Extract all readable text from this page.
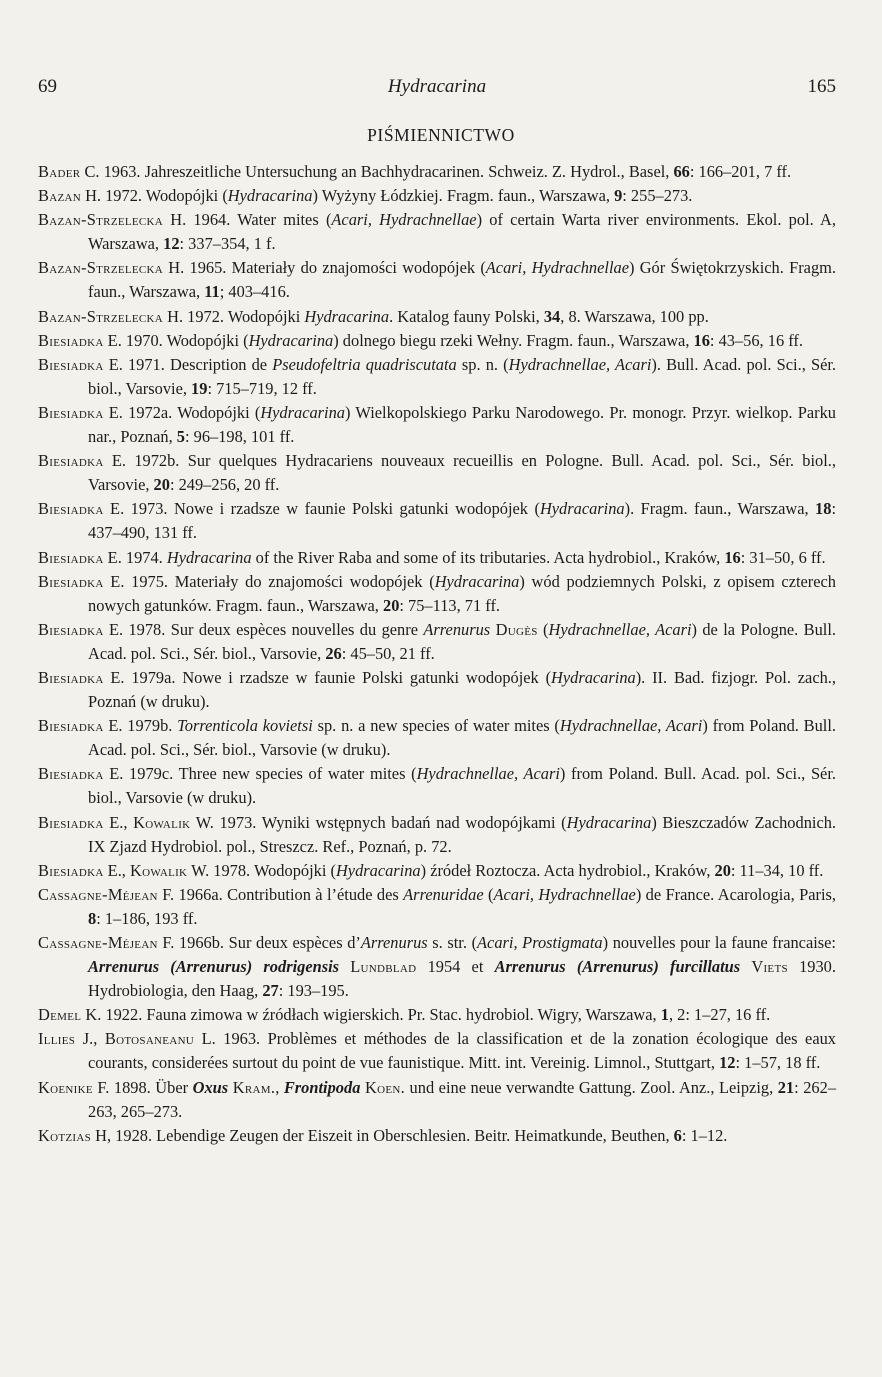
69	Hydracarina	165
PIŚMIENNICTWO

Bader C. 1963. Jahreszeitliche Untersuchung an Bachhydracarinen. Schweiz. Z. Hydrol., Basel, 66: 166–201, 7 ff.

Bazan H. 1972. Wodopójki (Hydracarina) Wyżyny Łódzkiej. Fragm. faun., Warszawa, 9: 255–273.

Bazan-Strzelecka H. 1964. Water mites (Acari, Hydrachnellae) of certain Warta river environments. Ekol. pol. A, Warszawa, 12: 337–354, 1 f.

Bazan-Strzelecka H. 1965. Materiały do znajomości wodopójek (Acari, Hydrachnellae) Gór Świętokrzyskich. Fragm. faun., Warszawa, 11; 403–416.

Bazan-Strzelecka H. 1972. Wodopójki Hydracarina. Katalog fauny Polski, 34, 8. Warszawa, 100 pp.

Biesiadka E. 1970. Wodopójki (Hydracarina) dolnego biegu rzeki Wełny. Fragm. faun., Warszawa, 16: 43–56, 16 ff.

Biesiadka E. 1971. Description de Pseudofeltria quadriscutata sp. n. (Hydrachnellae, Acari). Bull. Acad. pol. Sci., Sér. biol., Varsovie, 19: 715–719, 12 ff.

Biesiadka E. 1972a. Wodopójki (Hydracarina) Wielkopolskiego Parku Narodowego. Pr. monogr. Przyr. wielkop. Parku nar., Poznań, 5: 96–198, 101 ff.

Biesiadka E. 1972b. Sur quelques Hydracariens nouveaux recueillis en Pologne. Bull. Acad. pol. Sci., Sér. biol., Varsovie, 20: 249–256, 20 ff.

Biesiadka E. 1973. Nowe i rzadsze w faunie Polski gatunki wodopójek (Hydracarina). Fragm. faun., Warszawa, 18: 437–490, 131 ff.

Biesiadka E. 1974. Hydracarina of the River Raba and some of its tributaries. Acta hydrobiol., Kraków, 16: 31–50, 6 ff.

Biesiadka E. 1975. Materiały do znajomości wodopójek (Hydracarina) wód podziemnych Polski, z opisem czterech nowych gatunków. Fragm. faun., Warszawa, 20: 75–113, 71 ff.

Biesiadka E. 1978. Sur deux espèces nouvelles du genre Arrenurus Dugès (Hydrachnellae, Acari) de la Pologne. Bull. Acad. pol. Sci., Sér. biol., Varsovie, 26: 45–50, 21 ff.

Biesiadka E. 1979a. Nowe i rzadsze w faunie Polski gatunki wodopójek (Hydracarina). II. Bad. fizjogr. Pol. zach., Poznań (w druku).

Biesiadka E. 1979b. Torrenticola kovietsi sp. n. a new species of water mites (Hydrachnellae, Acari) from Poland. Bull. Acad. pol. Sci., Sér. biol., Varsovie (w druku).

Biesiadka E. 1979c. Three new species of water mites (Hydrachnellae, Acari) from Poland. Bull. Acad. pol. Sci., Sér. biol., Varsovie (w druku).

Biesiadka E., Kowalik W. 1973. Wyniki wstępnych badań nad wodopójkami (Hydracarina) Bieszczadów Zachodnich. IX Zjazd Hydrobiol. pol., Streszcz. Ref., Poznań, p. 72.

Biesiadka E., Kowalik W. 1978. Wodopójki (Hydracarina) źródeł Roztocza. Acta hydrobiol., Kraków, 20: 11–34, 10 ff.

Cassagne-Méjean F. 1966a. Contribution à l’étude des Arrenuridae (Acari, Hydrachnellae) de France. Acarologia, Paris, 8: 1–186, 193 ff.

Cassagne-Méjean F. 1966b. Sur deux espèces d’Arrenurus s. str. (Acari, Prostigmata) nouvelles pour la faune francaise: Arrenurus (Arrenurus) rodrigensis Lundblad 1954 et Arrenurus (Arrenurus) furcillatus Viets 1930. Hydrobiologia, den Haag, 27: 193–195.

Demel K. 1922. Fauna zimowa w źródłach wigierskich. Pr. Stac. hydrobiol. Wigry, Warszawa, 1, 2: 1–27, 16 ff.

Illies J., Botosaneanu L. 1963. Problèmes et méthodes de la classification et de la zonation écologique des eaux courants, considerées surtout du point de vue faunistique. Mitt. int. Vereinig. Limnol., Stuttgart, 12: 1–57, 18 ff.

Koenike F. 1898. Über Oxus Kram., Frontipoda Koen. und eine neue verwandte Gattung. Zool. Anz., Leipzig, 21: 262–263, 265–273.

Kotzias H, 1928. Lebendige Zeugen der Eiszeit in Oberschlesien. Beitr. Heimatkunde, Beuthen, 6: 1–12.
